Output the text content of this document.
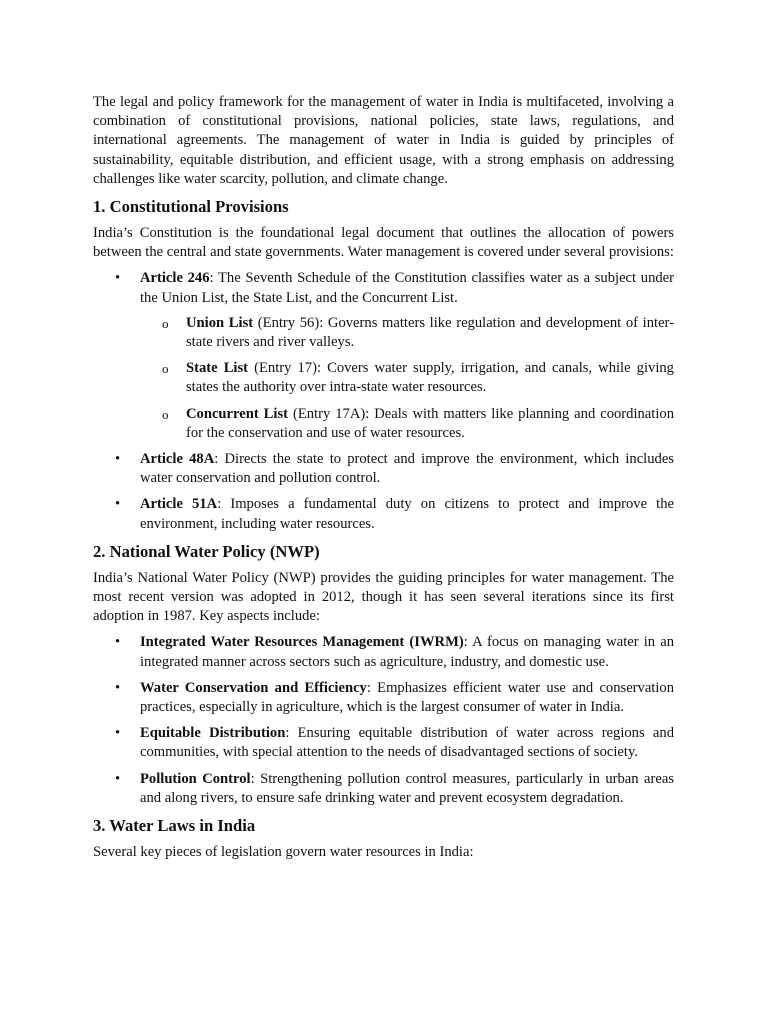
The legal and policy framework for the management of water in India is multifaceted, involving a combination of constitutional provisions, national policies, state laws, regulations, and international agreements. The management of water in India is guided by principles of sustainability, equitable distribution, and efficient usage, with a strong emphasis on addressing challenges like water scarcity, pollution, and climate change.

1. Constitutional Provisions

India’s Constitution is the foundational legal document that outlines the allocation of powers between the central and state governments. Water management is covered under several provisions:

• Article 246: The Seventh Schedule of the Constitution classifies water as a subject under the Union List, the State List, and the Concurrent List.

o Union List (Entry 56): Governs matters like regulation and development of inter-state rivers and river valleys.

o State List (Entry 17): Covers water supply, irrigation, and canals, while giving states the authority over intra-state water resources.

o Concurrent List (Entry 17A): Deals with matters like planning and coordination for the conservation and use of water resources.

• Article 48A: Directs the state to protect and improve the environment, which includes water conservation and pollution control.

• Article 51A: Imposes a fundamental duty on citizens to protect and improve the environment, including water resources.

2. National Water Policy (NWP)

India’s National Water Policy (NWP) provides the guiding principles for water management. The most recent version was adopted in 2012, though it has seen several iterations since its first adoption in 1987. Key aspects include:

• Integrated Water Resources Management (IWRM): A focus on managing water in an integrated manner across sectors such as agriculture, industry, and domestic use.

• Water Conservation and Efficiency: Emphasizes efficient water use and conservation practices, especially in agriculture, which is the largest consumer of water in India.

• Equitable Distribution: Ensuring equitable distribution of water across regions and communities, with special attention to the needs of disadvantaged sections of society.

• Pollution Control: Strengthening pollution control measures, particularly in urban areas and along rivers, to ensure safe drinking water and prevent ecosystem degradation.

3. Water Laws in India

Several key pieces of legislation govern water resources in India:
